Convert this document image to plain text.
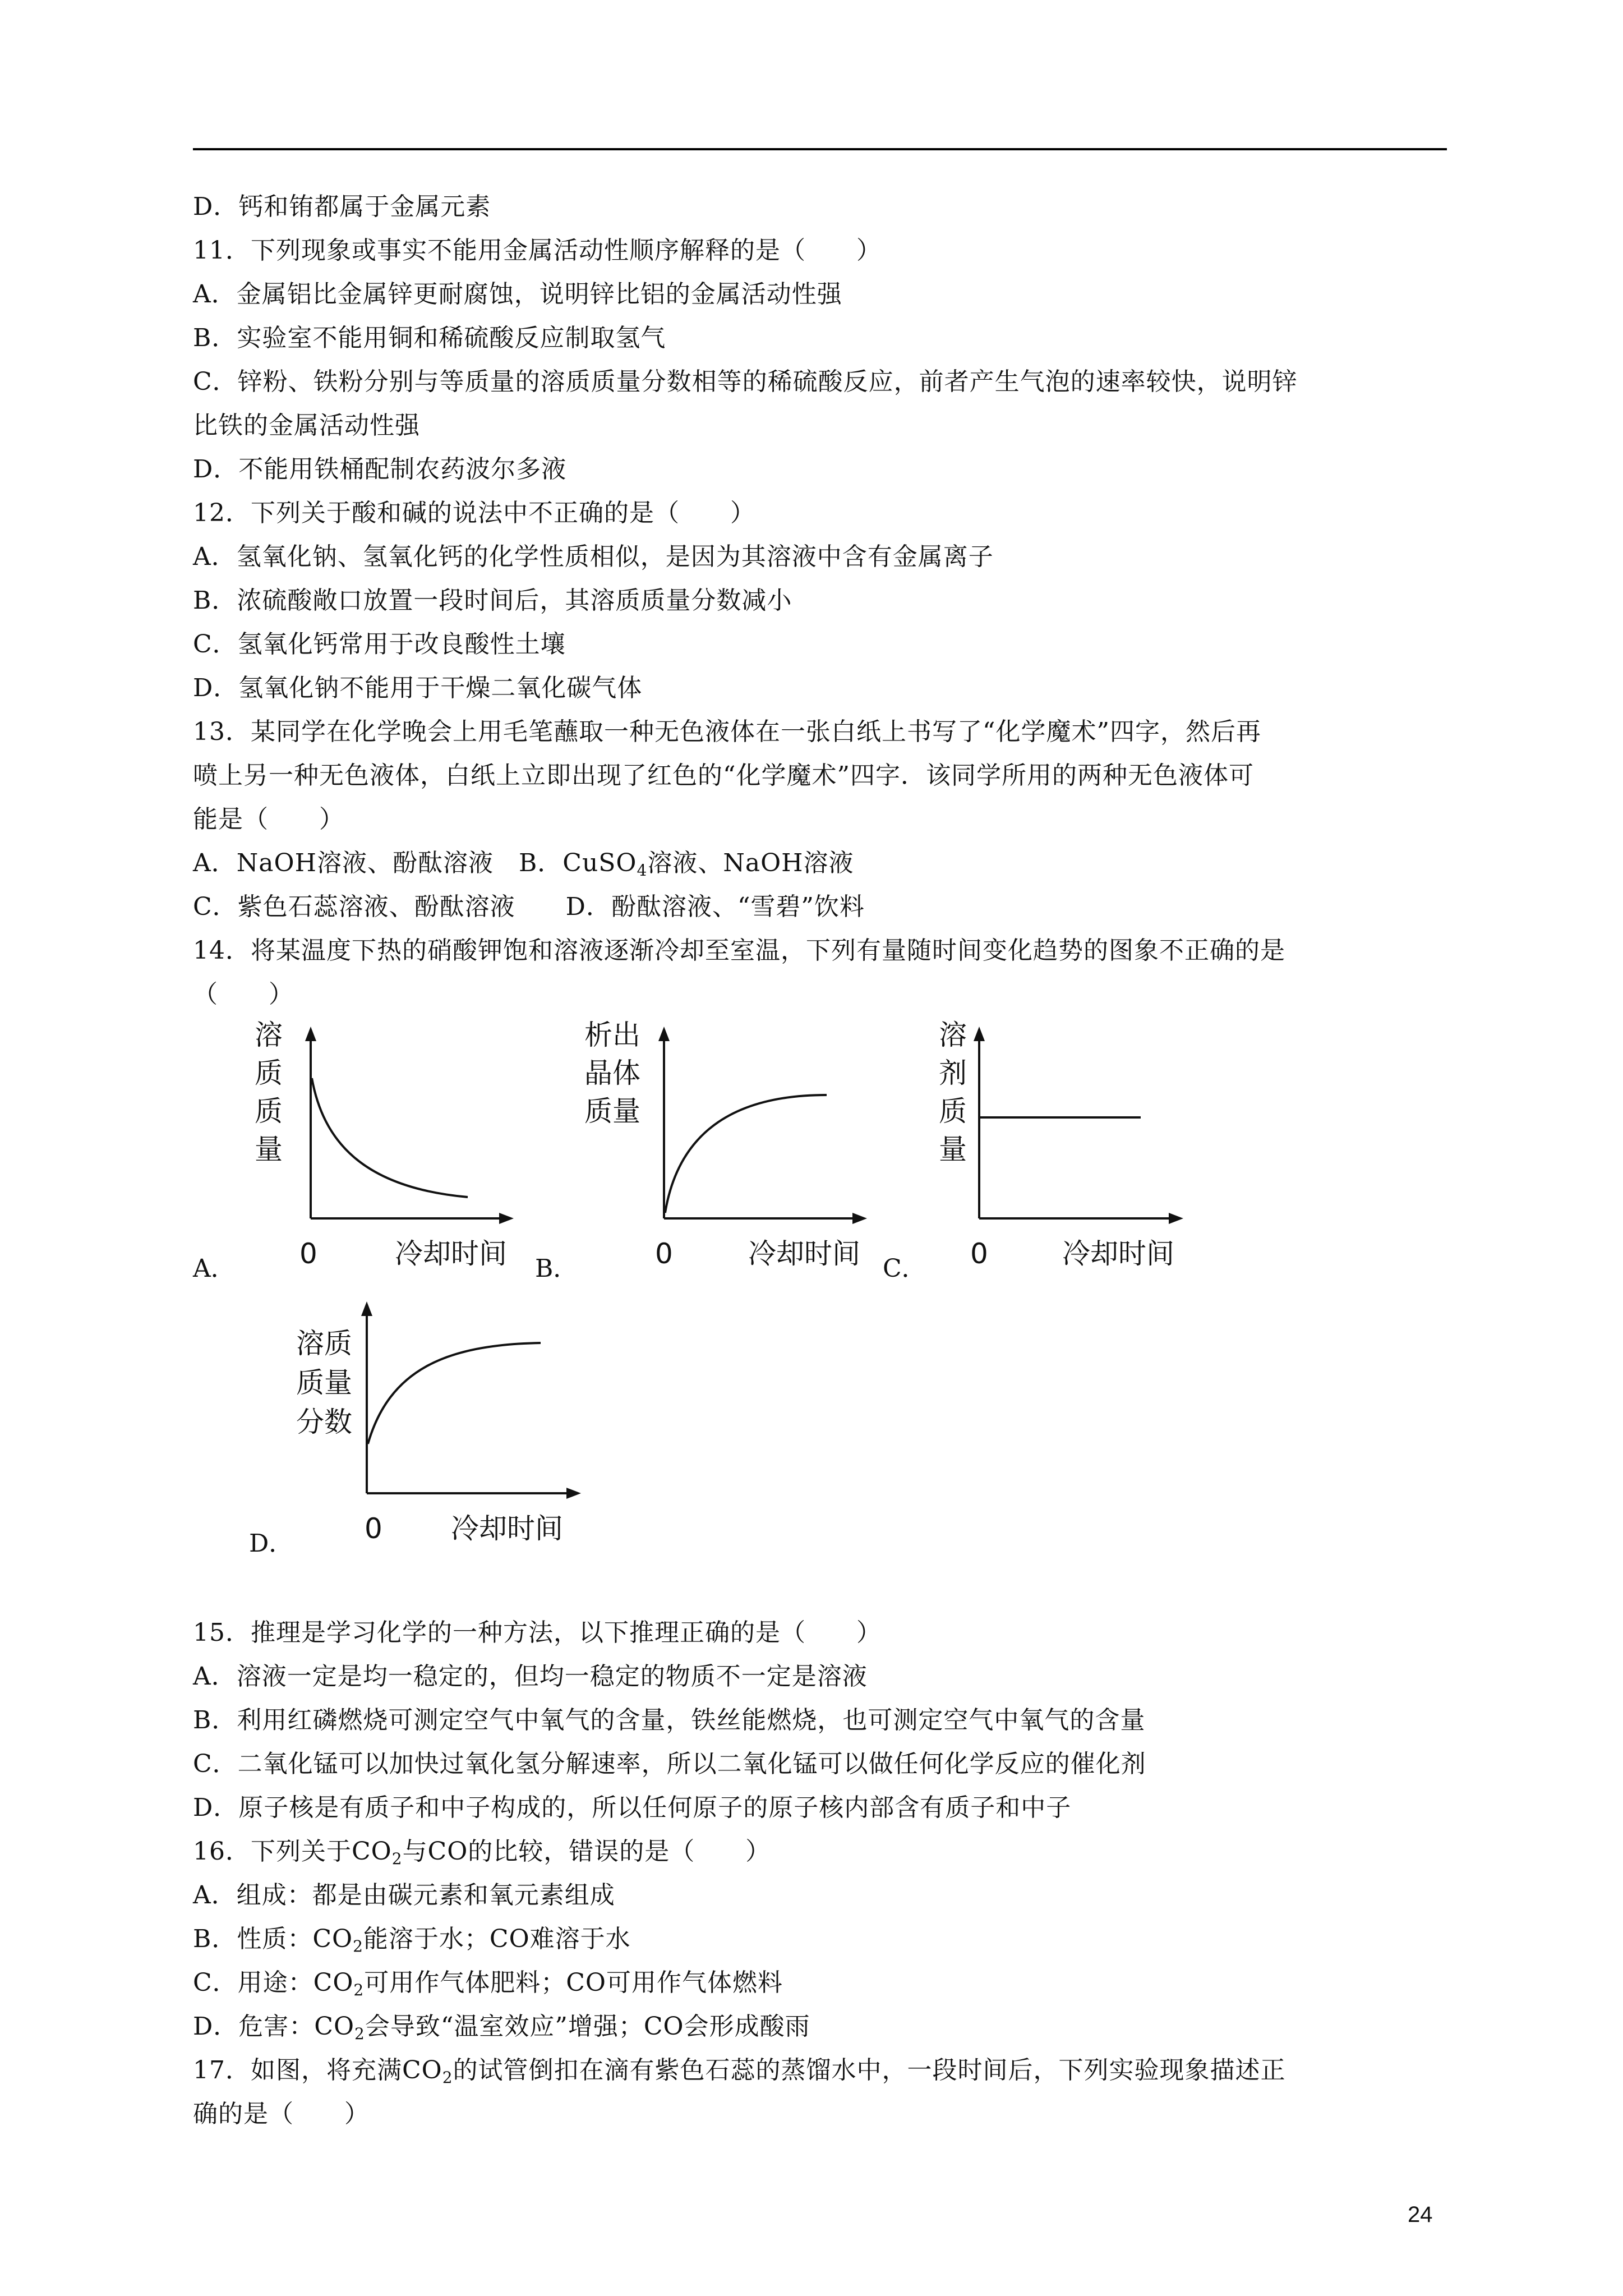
D．钙和铕都属于金属元素
11．下列现象或事实不能用金属活动性顺序解释的是（　　）
A．金属铝比金属锌更耐腐蚀，说明锌比铝的金属活动性强
B．实验室不能用铜和稀硫酸反应制取氢气
C．锌粉、铁粉分别与等质量的溶质质量分数相等的稀硫酸反应，前者产生气泡的速率较快，说明锌
比铁的金属活动性强
D．不能用铁桶配制农药波尔多液
12．下列关于酸和碱的说法中不正确的是（　　）
A．氢氧化钠、氢氧化钙的化学性质相似，是因为其溶液中含有金属离子
B．浓硫酸敞口放置一段时间后，其溶质质量分数减小
C．氢氧化钙常用于改良酸性土壤
D．氢氧化钠不能用于干燥二氧化碳气体
13．某同学在化学晚会上用毛笔蘸取一种无色液体在一张白纸上书写了“化学魔术”四字，然后再
喷上另一种无色液体，白纸上立即出现了红色的“化学魔术”四字．该同学所用的两种无色液体可
能是（　　）
A．NaOH溶液、酚酞溶液　B．CuSO$_4$溶液、NaOH溶液
C．紫色石蕊溶液、酚酞溶液　　D．酚酞溶液、“雪碧”饮料
14．将某温度下热的硝酸钾饱和溶液逐渐冷却至室温，下列有量随时间变化趋势的图象不正确的是
（　　）
A．
溶
质
质
量
0	冷却时间 B．
析出
晶体
质量
0	冷却时间 C．
溶
剂
质
量
0	冷却时间
D．
溶质
质量
分数
0 冷却时间
15．推理是学习化学的一种方法，以下推理正确的是（　　）
A．溶液一定是均一稳定的，但均一稳定的物质不一定是溶液
B．利用红磷燃烧可测定空气中氧气的含量，铁丝能燃烧，也可测定空气中氧气的含量
C．二氧化锰可以加快过氧化氢分解速率，所以二氧化锰可以做任何化学反应的催化剂
D．原子核是有质子和中子构成的，所以任何原子的原子核内部含有质子和中子
16．下列关于$CO_2$与CO的比较，错误的是（　　）
A．组成：都是由碳元素和氧元素组成
B．性质：$CO_2$能溶于水；CO难溶于水
C．用途：$CO_2$可用作气体肥料；CO可用作气体燃料
D．危害：$CO_2$会导致“温室效应”增强；CO会形成酸雨
17．如图，将充满$CO_2$的试管倒扣在滴有紫色石蕊的蒸馏水中，一段时间后，下列实验现象描述正
确的是（　　）
24
